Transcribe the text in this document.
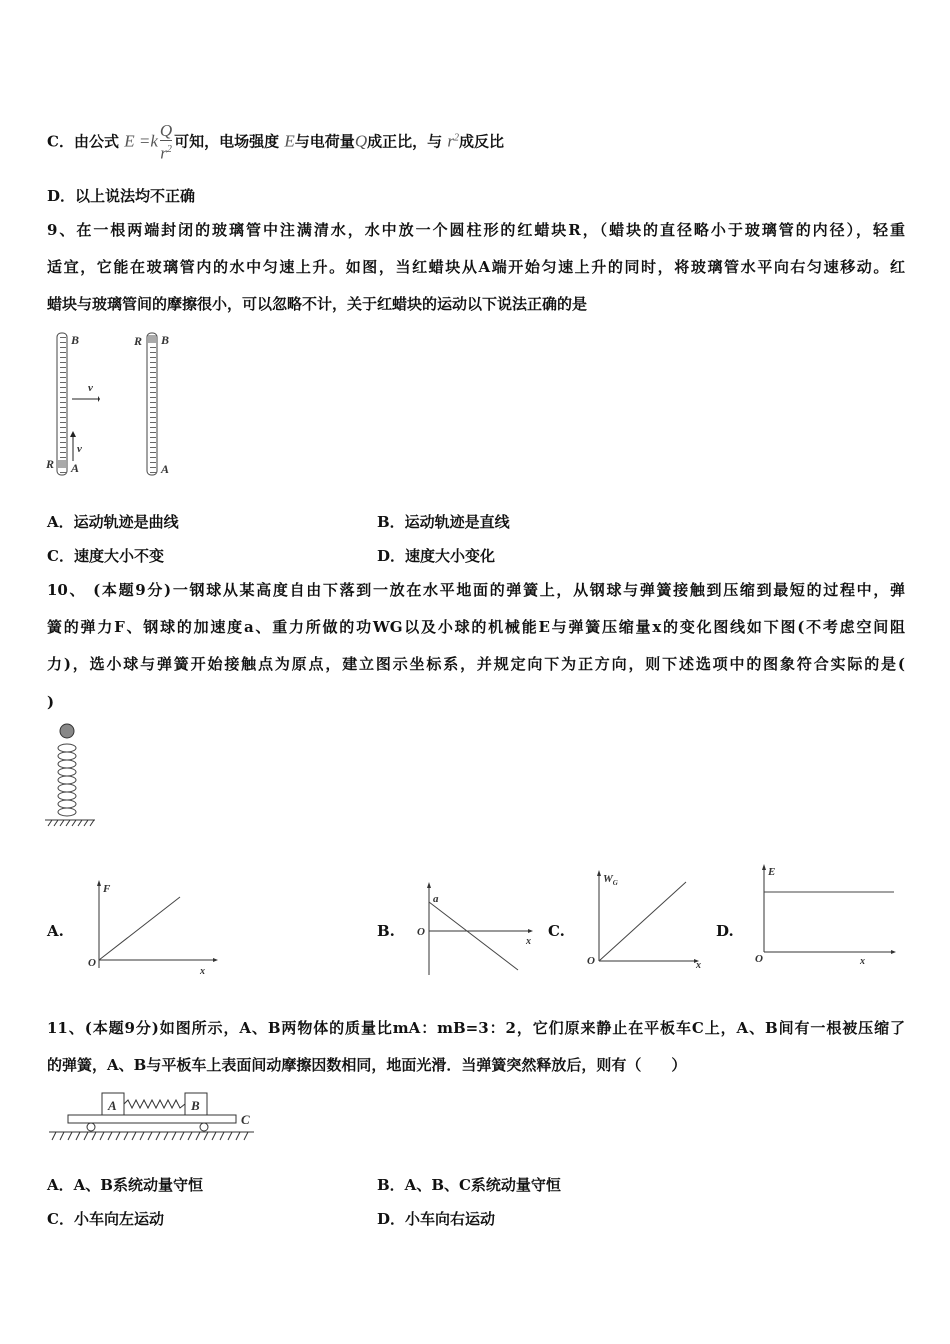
C．由公式 $E =k \frac{Q}{r^2}$ 可知，电场强度 E与电荷量Q成正比，与 $r^2$成反比
D．以上说法均不正确
9、在一根两端封闭的玻璃管中注满清水，水中放一个圆柱形的红蜡块R，（蜡块的直径略小于玻璃管的内径），轻重
适宜，它能在玻璃管内的水中匀速上升。如图，当红蜡块从A端开始匀速上升的同时，将玻璃管水平向右匀速移动。红
蜡块与玻璃管间的摩擦很小，可以忽略不计，关于红蜡块的运动以下说法正确的是
B
A
R
v
v
B
R
A
A．运动轨迹是曲线	B．运动轨迹是直线
C．速度大小不变	D．速度大小变化
10、 (本题9分)一钢球从某高度自由下落到一放在水平地面的弹簧上，从钢球与弹簧接触到压缩到最短的过程中，弹
簧的弹力F、钢球的加速度a、重力所做的功WG以及小球的机械能E与弹簧压缩量x的变化图线如下图(不考虑空间阻
力)，选小球与弹簧开始接触点为原点，建立图示坐标系，并规定向下为正方向，则下述选项中的图象符合实际的是(
)
A.
F
O
x
B.
a
O
x
C.
$W_G$
O	x
D.
E
O	x
11、(本题9分)如图所示，A、B两物体的质量比mA：mB=3：2，它们原来静止在平板车C上，A、B间有一根被压缩了
的弹簧，A、B与平板车上表面间动摩擦因数相同，地面光滑．当弹簧突然释放后，则有（　　）
A	B
C
A．A、B系统动量守恒	B．A、B、C系统动量守恒
C．小车向左运动	D．小车向右运动
